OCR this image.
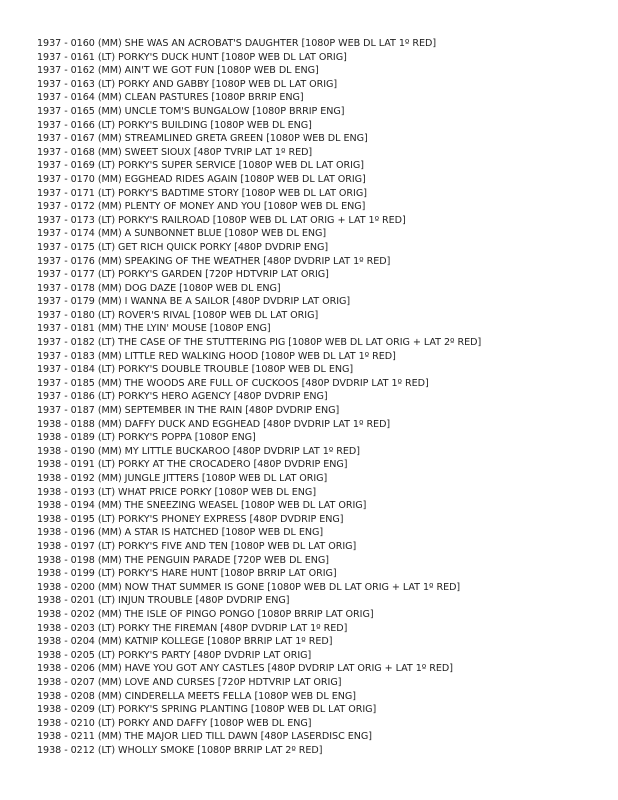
1937 - 0160 (MM) SHE WAS AN ACROBAT'S DAUGHTER [1080P WEB DL LAT 1º RED]
1937 - 0161 (LT) PORKY'S DUCK HUNT [1080P WEB DL LAT ORIG]
1937 - 0162 (MM) AIN'T WE GOT FUN [1080P WEB DL ENG]
1937 - 0163 (LT) PORKY AND GABBY [1080P WEB DL LAT ORIG]
1937 - 0164 (MM) CLEAN PASTURES [1080P BRRIP ENG]
1937 - 0165 (MM) UNCLE TOM'S BUNGALOW [1080P BRRIP ENG]
1937 - 0166 (LT) PORKY'S BUILDING [1080P WEB DL ENG]
1937 - 0167 (MM) STREAMLINED GRETA GREEN [1080P WEB DL ENG]
1937 - 0168 (MM) SWEET SIOUX [480P TVRIP LAT 1º RED]
1937 - 0169 (LT) PORKY'S SUPER SERVICE [1080P WEB DL LAT ORIG]
1937 - 0170 (MM) EGGHEAD RIDES AGAIN [1080P WEB DL LAT ORIG]
1937 - 0171 (LT) PORKY'S BADTIME STORY [1080P WEB DL LAT ORIG]
1937 - 0172 (MM) PLENTY OF MONEY AND YOU [1080P WEB DL ENG]
1937 - 0173 (LT) PORKY'S RAILROAD [1080P WEB DL LAT ORIG + LAT 1º RED]
1937 - 0174 (MM) A SUNBONNET BLUE [1080P WEB DL ENG]
1937 - 0175 (LT) GET RICH QUICK PORKY [480P DVDRIP ENG]
1937 - 0176 (MM) SPEAKING OF THE WEATHER [480P DVDRIP LAT 1º RED]
1937 - 0177 (LT) PORKY'S GARDEN [720P HDTVRIP LAT ORIG]
1937 - 0178 (MM) DOG DAZE [1080P WEB DL ENG]
1937 - 0179 (MM) I WANNA BE A SAILOR [480P DVDRIP LAT ORIG]
1937 - 0180 (LT) ROVER'S RIVAL [1080P WEB DL LAT ORIG]
1937 - 0181 (MM) THE LYIN' MOUSE [1080P ENG]
1937 - 0182 (LT) THE CASE OF THE STUTTERING PIG [1080P WEB DL LAT ORIG + LAT 2º RED]
1937 - 0183 (MM) LITTLE RED WALKING HOOD [1080P WEB DL LAT 1º RED]
1937 - 0184 (LT) PORKY'S DOUBLE TROUBLE [1080P WEB DL ENG]
1937 - 0185 (MM) THE WOODS ARE FULL OF CUCKOOS [480P DVDRIP LAT 1º RED]
1937 - 0186 (LT) PORKY'S HERO AGENCY [480P DVDRIP ENG]
1937 - 0187 (MM) SEPTEMBER IN THE RAIN [480P DVDRIP ENG]
1938 - 0188 (MM) DAFFY DUCK AND EGGHEAD [480P DVDRIP LAT 1º RED]
1938 - 0189 (LT) PORKY'S POPPA [1080P ENG]
1938 - 0190 (MM) MY LITTLE BUCKAROO [480P DVDRIP LAT 1º RED]
1938 - 0191 (LT) PORKY AT THE CROCADERO [480P DVDRIP ENG]
1938 - 0192 (MM) JUNGLE JITTERS [1080P WEB DL LAT ORIG]
1938 - 0193 (LT) WHAT PRICE PORKY [1080P WEB DL ENG]
1938 - 0194 (MM) THE SNEEZING WEASEL [1080P WEB DL LAT ORIG]
1938 - 0195 (LT) PORKY'S PHONEY EXPRESS [480P DVDRIP ENG]
1938 - 0196 (MM) A STAR IS HATCHED [1080P WEB DL ENG]
1938 - 0197 (LT) PORKY'S FIVE AND TEN [1080P WEB DL LAT ORIG]
1938 - 0198 (MM) THE PENGUIN PARADE [720P WEB DL ENG]
1938 - 0199 (LT) PORKY'S HARE HUNT [1080P BRRIP LAT ORIG]
1938 - 0200 (MM) NOW THAT SUMMER IS GONE [1080P WEB DL LAT ORIG + LAT 1º RED]
1938 - 0201 (LT) INJUN TROUBLE [480P DVDRIP ENG]
1938 - 0202 (MM) THE ISLE OF PINGO PONGO [1080P BRRIP LAT ORIG]
1938 - 0203 (LT) PORKY THE FIREMAN [480P DVDRIP LAT 1º RED]
1938 - 0204 (MM) KATNIP KOLLEGE [1080P BRRIP LAT 1º RED]
1938 - 0205 (LT) PORKY'S PARTY [480P DVDRIP LAT ORIG]
1938 - 0206 (MM) HAVE YOU GOT ANY CASTLES [480P DVDRIP LAT ORIG + LAT 1º RED]
1938 - 0207 (MM) LOVE AND CURSES [720P HDTVRIP LAT ORIG]
1938 - 0208 (MM) CINDERELLA MEETS FELLA [1080P WEB DL ENG]
1938 - 0209 (LT) PORKY'S SPRING PLANTING [1080P WEB DL LAT ORIG]
1938 - 0210 (LT) PORKY AND DAFFY [1080P WEB DL ENG]
1938 - 0211 (MM) THE MAJOR LIED TILL DAWN [480P LASERDISC ENG]
1938 - 0212 (LT) WHOLLY SMOKE [1080P BRRIP LAT 2º RED]
